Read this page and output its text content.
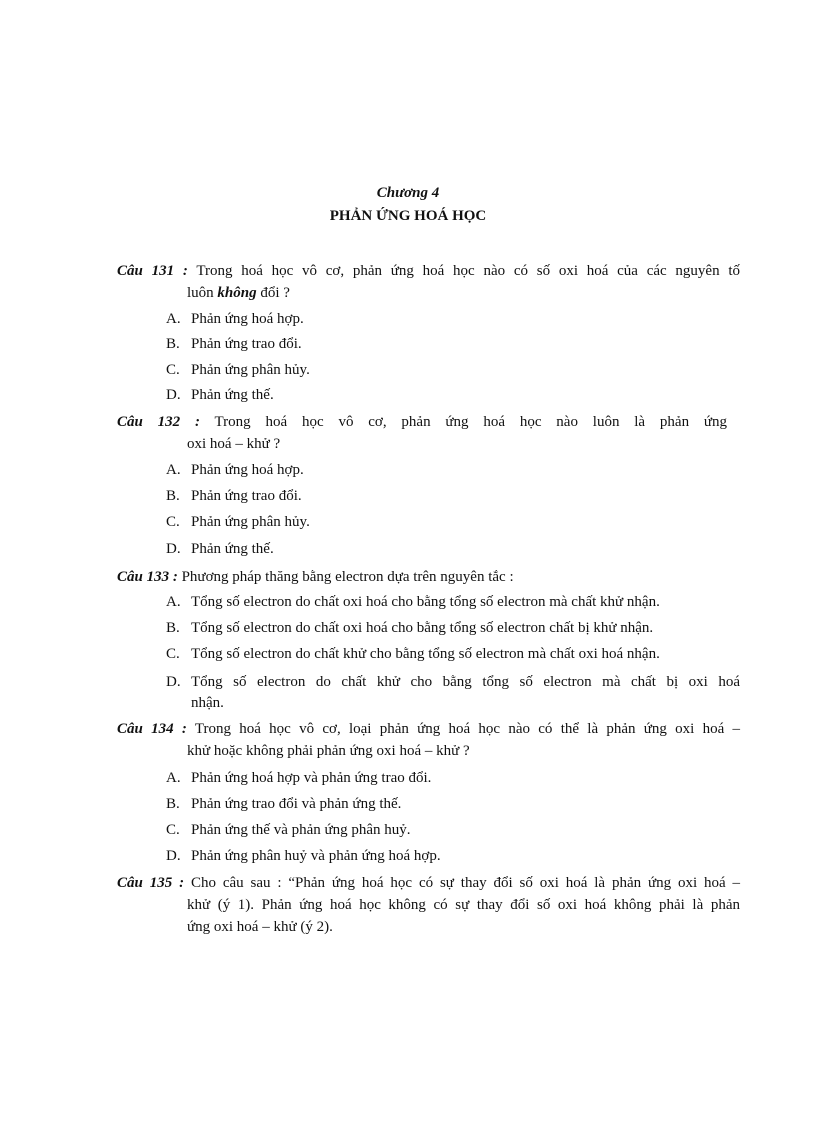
Chương 4
PHẢN ỨNG HOÁ HỌC
Câu 131 : Trong hoá học vô cơ, phản ứng hoá học nào có số oxi hoá của các nguyên tố
luôn không đổi ?
A. Phản ứng hoá hợp.
B. Phản ứng trao đổi.
C. Phản ứng phân hủy.
D. Phản ứng thế.
Câu 132 : Trong hoá học vô cơ, phản ứng hoá học nào luôn là phản ứng
oxi hoá – khử ?
A. Phản ứng hoá hợp.
B. Phản ứng trao đổi.
C. Phản ứng phân hủy.
D. Phản ứng thế.
Câu 133 : Phương pháp thăng bằng electron dựa trên nguyên tắc :
A. Tổng số electron do chất oxi hoá cho bằng tổng số electron mà chất khử nhận.
B. Tổng số electron do chất oxi hoá cho bằng tổng số electron chất bị khử nhận.
C. Tổng số electron do chất khử cho bằng tổng số electron mà chất oxi hoá nhận.
D. Tổng số electron do chất khử cho bằng tổng số electron mà chất bị oxi hoá
nhận.
Câu 134 : Trong hoá học vô cơ, loại phản ứng hoá học nào có thể là phản ứng oxi hoá –
khử hoặc không phải phản ứng oxi hoá – khử ?
A. Phản ứng hoá hợp và phản ứng trao đổi.
B. Phản ứng trao đổi và phản ứng thế.
C. Phản ứng thế và phản ứng phân huỷ.
D. Phản ứng phân huỷ và phản ứng hoá hợp.
Câu 135 : Cho câu sau : “Phản ứng hoá học có sự thay đổi số oxi hoá là phản ứng oxi hoá –
khử (ý 1). Phản ứng hoá học không có sự thay đổi số oxi hoá không phải là phản
ứng oxi hoá – khử (ý 2).
